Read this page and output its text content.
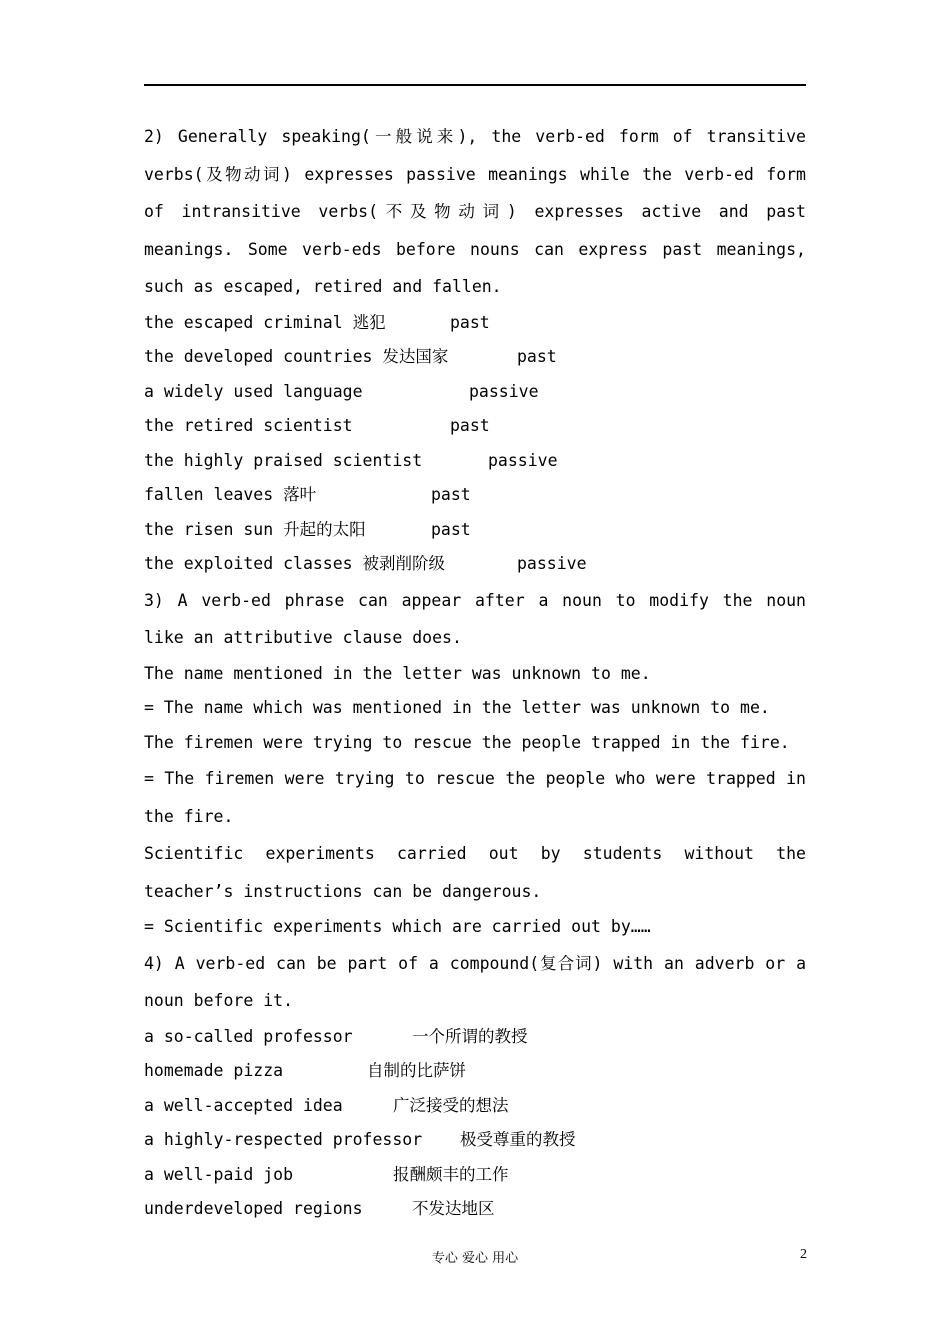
2) Generally speaking(一般说来), the verb-ed form of transitive verbs(及物动词) expresses passive meanings while the verb-ed form of intransitive verbs(不及物动词) expresses active and past meanings. Some verb-eds before nouns can express past meanings, such as escaped, retired and fallen.

the escaped criminal 逃犯	past
the developed countries 发达国家	past
a widely used language	passive
the retired scientist	past
the highly praised scientist	passive
fallen leaves 落叶	past
the risen sun 升起的太阳	past
the exploited classes 被剥削阶级	passive

3) A verb-ed phrase can appear after a noun to modify the noun like an attributive clause does.

The name mentioned in the letter was unknown to me.

= The name which was mentioned in the letter was unknown to me.

The firemen were trying to rescue the people trapped in the fire.

= The firemen were trying to rescue the people who were trapped in the fire.

Scientific experiments carried out by students without the teacher’s instructions can be dangerous.

= Scientific experiments which are carried out by……

4) A verb-ed can be part of a compound(复合词) with an adverb or a noun before it.

a so-called professor	一个所谓的教授
homemade pizza	自制的比萨饼
a well-accepted idea	广泛接受的想法
a highly-respected professor	极受尊重的教授
a well-paid job	报酬颇丰的工作
underdeveloped regions	不发达地区
专心 爱心 用心	2
